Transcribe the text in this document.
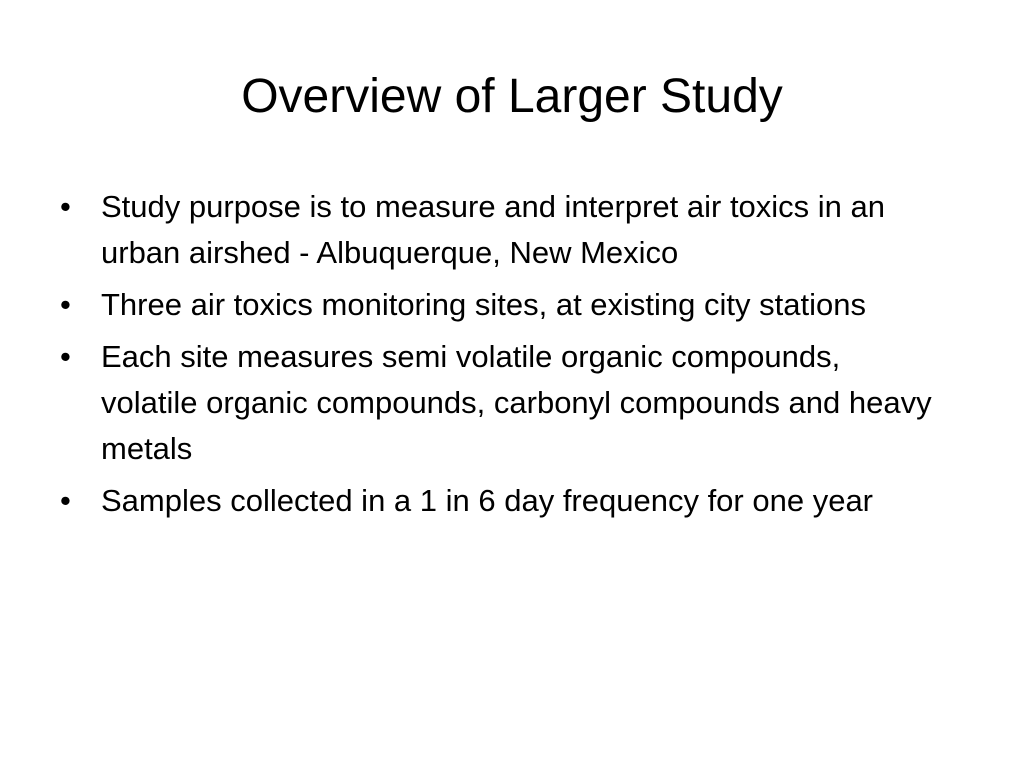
Overview of Larger Study
• Study purpose is to measure and interpret air toxics in an urban airshed - Albuquerque, New Mexico
• Three air toxics monitoring sites, at existing city stations
• Each site measures semi volatile organic compounds, volatile organic compounds, carbonyl compounds and heavy metals
• Samples collected in a 1 in 6 day frequency for one year
